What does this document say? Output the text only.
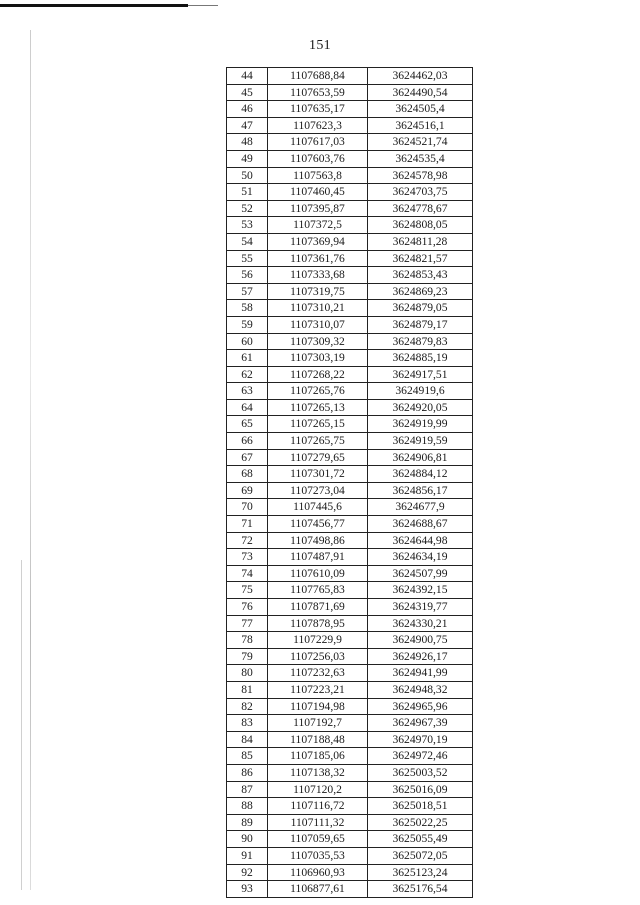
151
44	1107688,84	3624462,03
45	1107653,59	3624490,54
46	1107635,17	3624505,4
47	1107623,3	3624516,1
48	1107617,03	3624521,74
49	1107603,76	3624535,4
50	1107563,8	3624578,98
51	1107460,45	3624703,75
52	1107395,87	3624778,67
53	1107372,5	3624808,05
54	1107369,94	3624811,28
55	1107361,76	3624821,57
56	1107333,68	3624853,43
57	1107319,75	3624869,23
58	1107310,21	3624879,05
59	1107310,07	3624879,17
60	1107309,32	3624879,83
61	1107303,19	3624885,19
62	1107268,22	3624917,51
63	1107265,76	3624919,6
64	1107265,13	3624920,05
65	1107265,15	3624919,99
66	1107265,75	3624919,59
67	1107279,65	3624906,81
68	1107301,72	3624884,12
69	1107273,04	3624856,17
70	1107445,6	3624677,9
71	1107456,77	3624688,67
72	1107498,86	3624644,98
73	1107487,91	3624634,19
74	1107610,09	3624507,99
75	1107765,83	3624392,15
76	1107871,69	3624319,77
77	1107878,95	3624330,21
78	1107229,9	3624900,75
79	1107256,03	3624926,17
80	1107232,63	3624941,99
81	1107223,21	3624948,32
82	1107194,98	3624965,96
83	1107192,7	3624967,39
84	1107188,48	3624970,19
85	1107185,06	3624972,46
86	1107138,32	3625003,52
87	1107120,2	3625016,09
88	1107116,72	3625018,51
89	1107111,32	3625022,25
90	1107059,65	3625055,49
91	1107035,53	3625072,05
92	1106960,93	3625123,24
93	1106877,61	3625176,54
